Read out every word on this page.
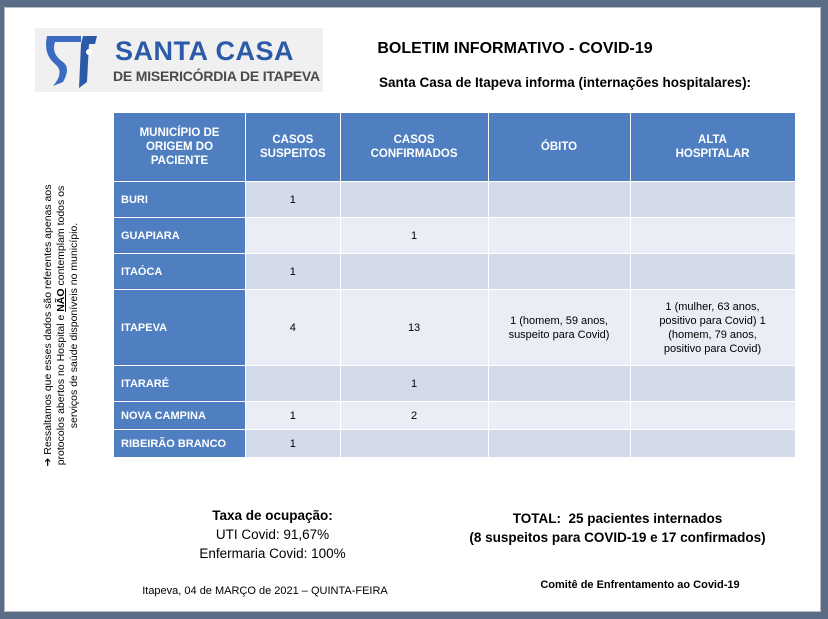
SANTA CASA
DE MISERICÓRDIA DE ITAPEVA
BOLETIM INFORMATIVO - COVID-19
Santa Casa de Itapeva informa (internações hospitalares):
➔ Ressaltamos que esses dados são referentes apenas aos protocolos abertos no Hospital e NÃO contemplam todos os serviços de saúde disponíveis no município.
MUNICÍPIO DE ORIGEM DO PACIENTE	CASOS SUSPEITOS	CASOS CONFIRMADOS	ÓBITO	ALTA HOSPITALAR
BURI	1			
GUAPIARA		1		
ITAÓCA	1			
ITAPEVA	4	13	1 (homem, 59 anos, suspeito para Covid)	1 (mulher, 63 anos, positivo para Covid) 1 (homem, 79 anos, positivo para Covid)
ITARARÉ		1		
NOVA CAMPINA	1	2		
RIBEIRÃO BRANCO	1			
Taxa de ocupação:
UTI Covid: 91,67%
Enfermaria Covid: 100%
TOTAL:  25 pacientes internados
(8 suspeitos para COVID-19 e 17 confirmados)
Itapeva, 04 de MARÇO de 2021 – QUINTA-FEIRA	Comitê de Enfrentamento ao Covid-19
